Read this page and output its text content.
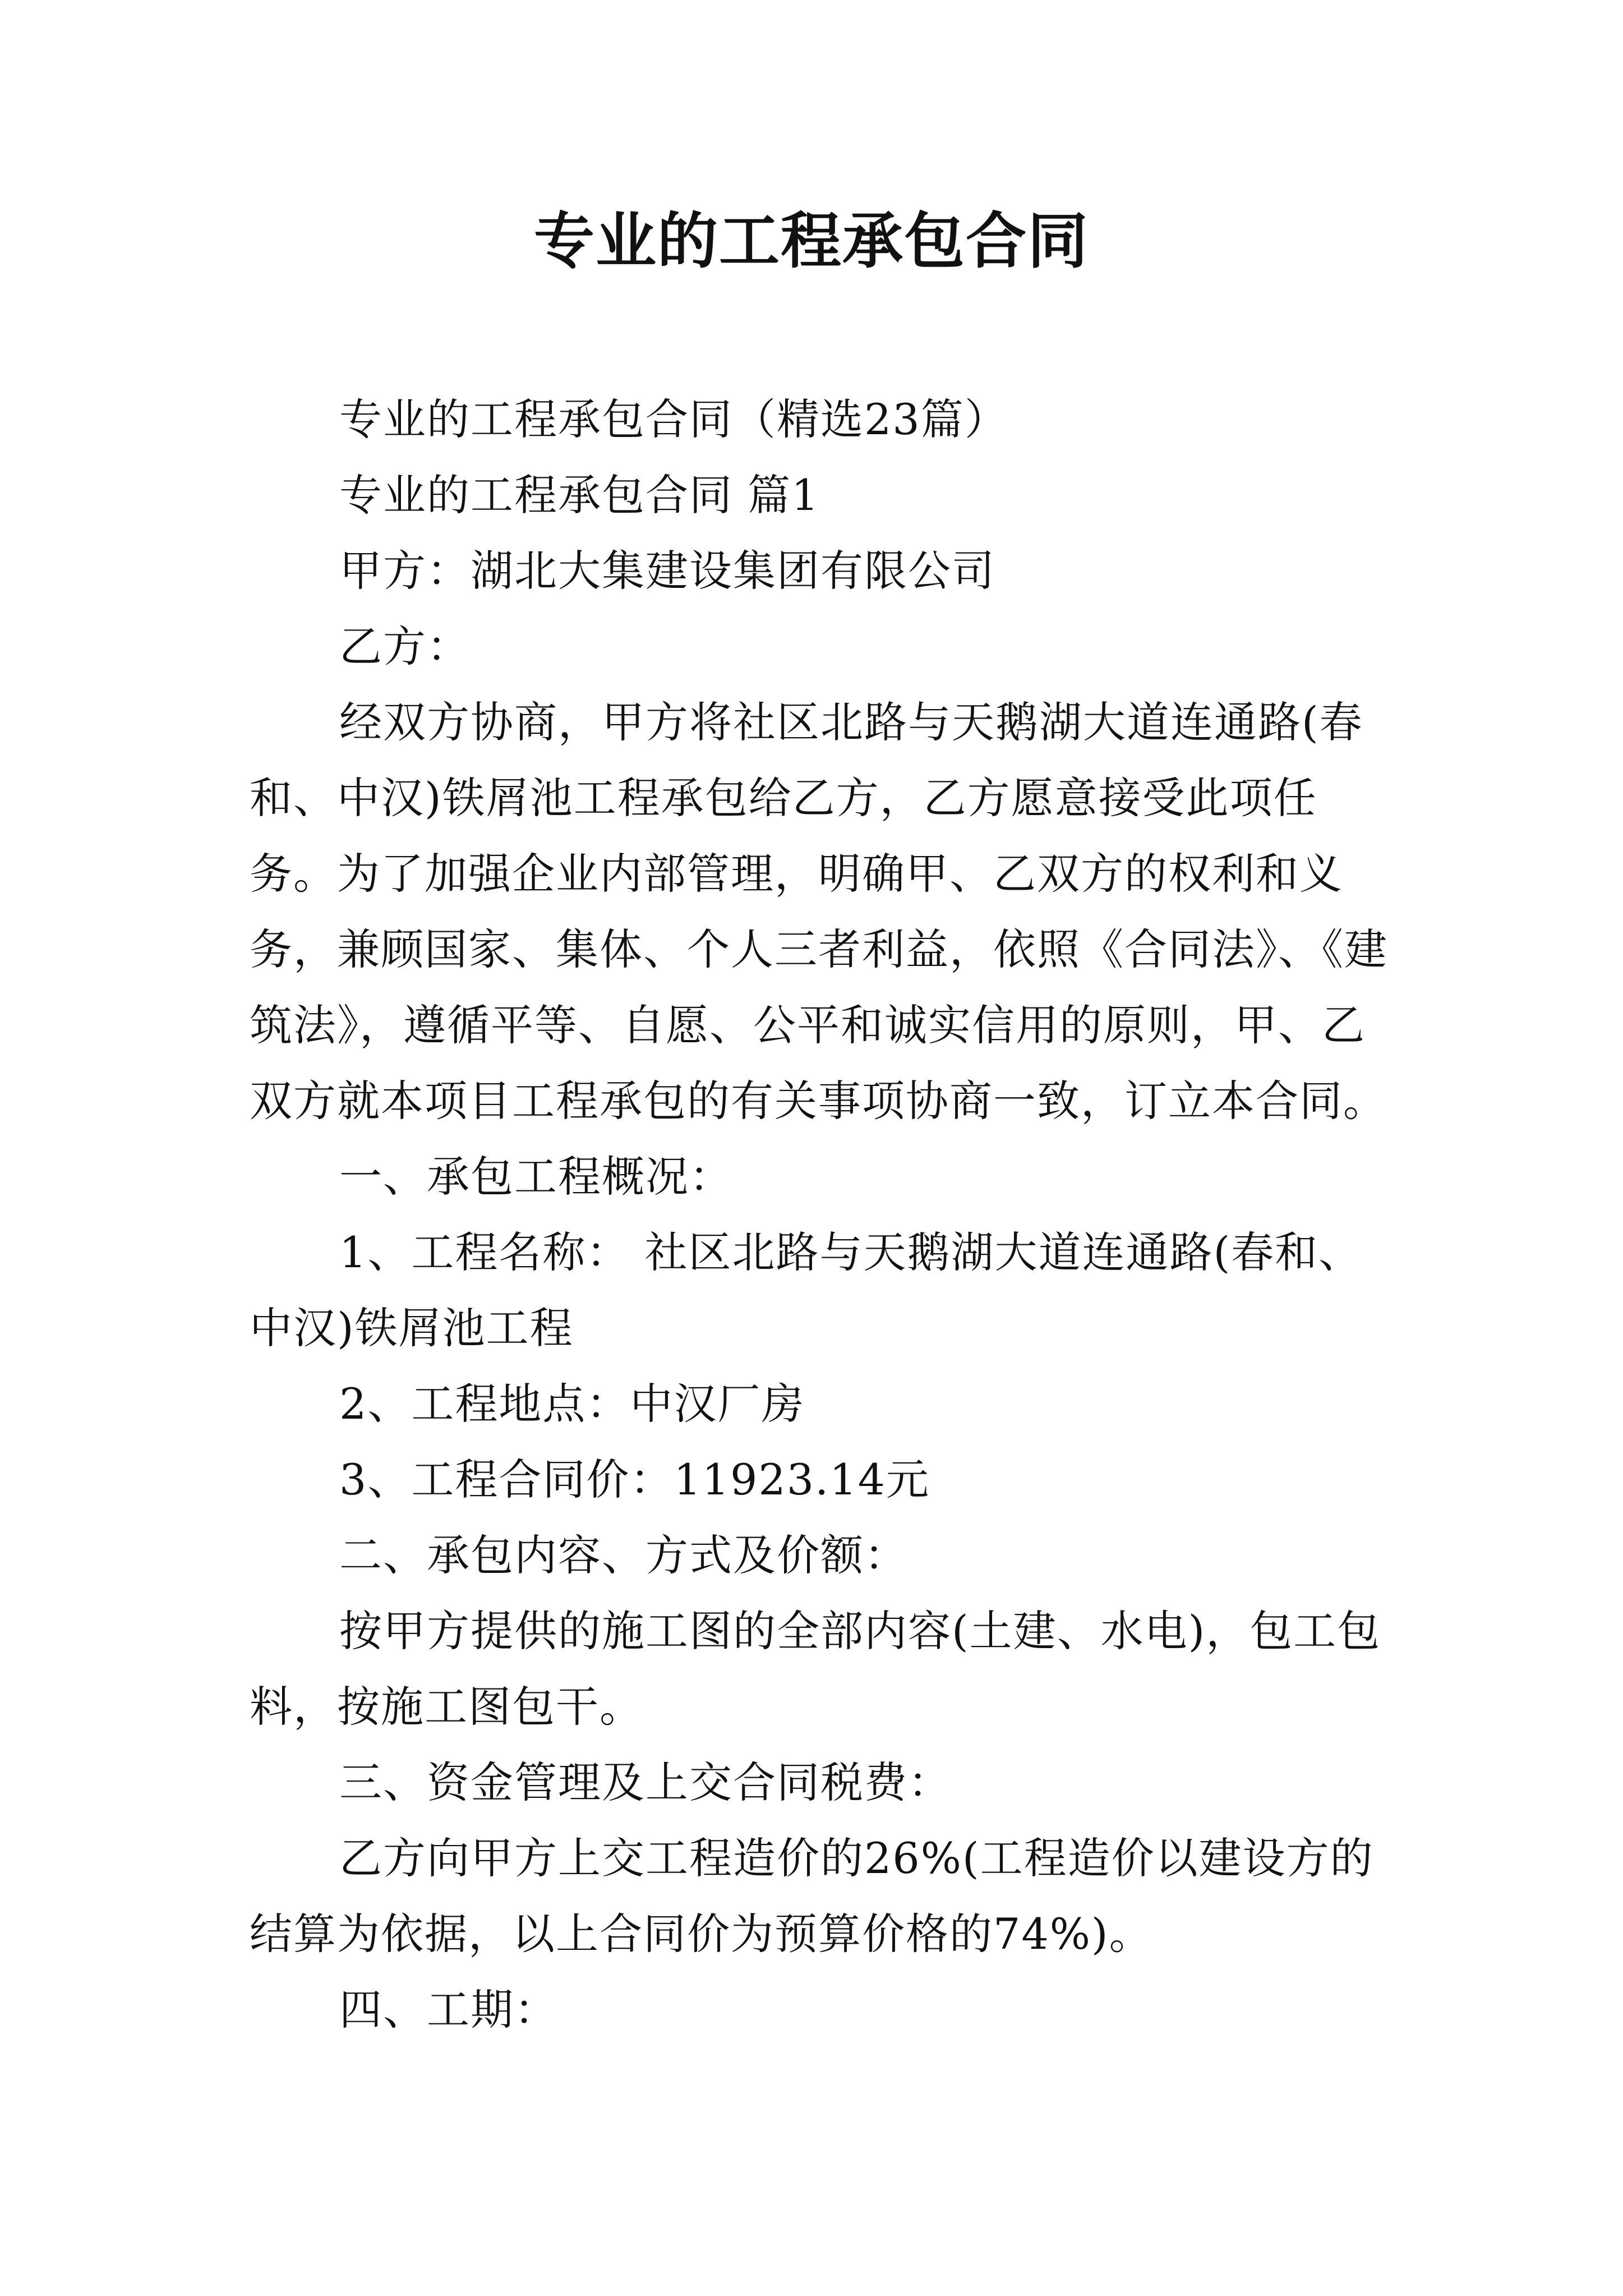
专业的工程承包合同

专业的工程承包合同（精选23篇）

专业的工程承包合同 篇1

甲方：湖北大集建设集团有限公司

乙方：

经双方协商，甲方将社区北路与天鹅湖大道连通路(春和、中汉)铁屑池工程承包给乙方，乙方愿意接受此项任务。为了加强企业内部管理，明确甲、乙双方的权利和义务，兼顾国家、集体、个人三者利益，依照《合同法》、《建筑法》，遵循平等、自愿、公平和诚实信用的原则，甲、乙双方就本项目工程承包的有关事项协商一致，订立本合同。

一、承包工程概况：

1、工程名称： 社区北路与天鹅湖大道连通路(春和、中汉)铁屑池工程

2、工程地点：中汉厂房

3、工程合同价：11923.14元

二、承包内容、方式及价额：

按甲方提供的施工图的全部内容(土建、水电)，包工包料，按施工图包干。

三、资金管理及上交合同税费：

乙方向甲方上交工程造价的26%(工程造价以建设方的结算为依据，以上合同价为预算价格的74%)。

四、工期：
